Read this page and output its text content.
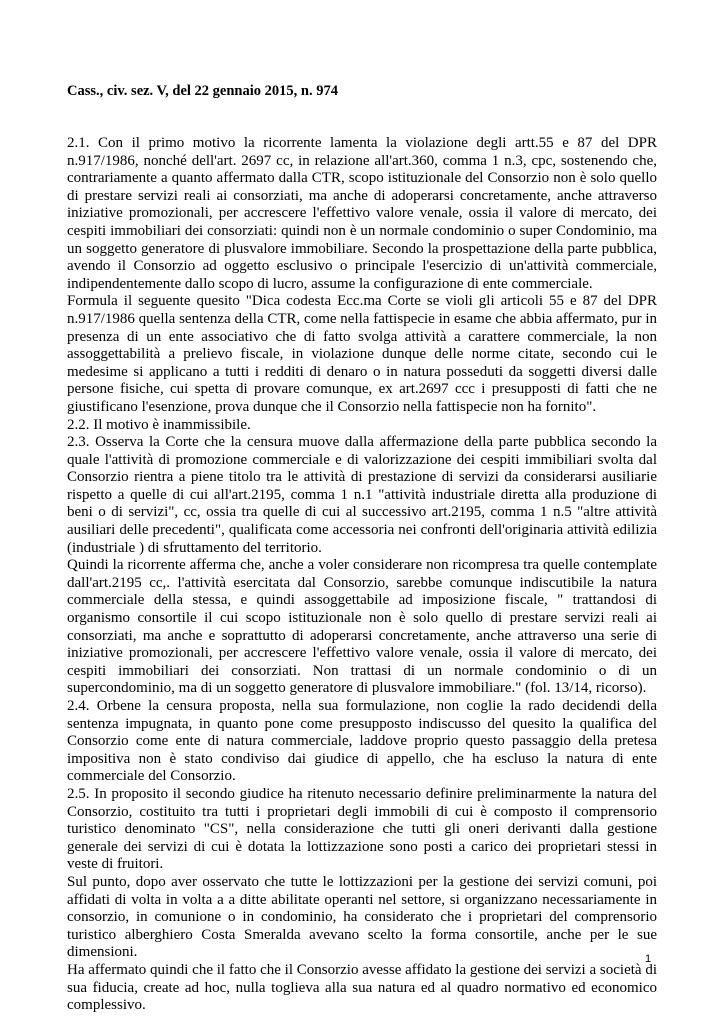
Cass., civ. sez. V, del 22 gennaio 2015, n. 974

2.1. Con il primo motivo la ricorrente lamenta la violazione degli artt.55 e 87 del DPR n.917/1986, nonché dell'art. 2697 cc, in relazione all'art.360, comma 1 n.3, cpc, sostenendo che, contrariamente a quanto affermato dalla CTR, scopo istituzionale del Consorzio non è solo quello di prestare servizi reali ai consorziati, ma anche di adoperarsi concretamente, anche attraverso iniziative promozionali, per accrescere l'effettivo valore venale, ossia il valore di mercato, dei cespiti immobiliari dei consorziati: quindi non è un normale condominio o super Condominio, ma un soggetto generatore di plusvalore immobiliare. Secondo la prospettazione della parte pubblica, avendo il Consorzio ad oggetto esclusivo o principale l'esercizio di un'attività commerciale, indipendentemente dallo scopo di lucro, assume la configurazione di ente commerciale.

Formula il seguente quesito "Dica codesta Ecc.ma Corte se violi gli articoli 55 e 87 del DPR n.917/1986 quella sentenza della CTR, come nella fattispecie in esame che abbia affermato, pur in presenza di un ente associativo che di fatto svolga attività a carattere commerciale, la non assoggettabilità a prelievo fiscale, in violazione dunque delle norme citate, secondo cui le medesime si applicano a tutti i redditi di denaro o in natura posseduti da soggetti diversi dalle persone fisiche, cui spetta di provare comunque, ex art.2697 ccc i presupposti di fatti che ne giustificano l'esenzione, prova dunque che il Consorzio nella fattispecie non ha fornito".

2.2. Il motivo è inammissibile.

2.3. Osserva la Corte che la censura muove dalla affermazione della parte pubblica secondo la quale l'attività di promozione commerciale e di valorizzazione dei cespiti immibiliari svolta dal Consorzio rientra a piene titolo tra le attività di prestazione di servizi da considerarsi ausiliarie rispetto a quelle di cui all'art.2195, comma 1 n.1 "attività industriale diretta alla produzione di beni o di servizi", cc, ossia tra quelle di cui al successivo art.2195, comma 1 n.5 "altre attività ausiliari delle precedenti", qualificata come accessoria nei confronti dell'originaria attività edilizia (industriale ) di sfruttamento del territorio.

Quindi la ricorrente afferma che, anche a voler considerare non ricompresa tra quelle contemplate dall'art.2195 cc,. l'attività esercitata dal Consorzio, sarebbe comunque indiscutibile la natura commerciale della stessa, e quindi assoggettabile ad imposizione fiscale, " trattandosi di organismo consortile il cui scopo istituzionale non è solo quello di prestare servizi reali ai consorziati, ma anche e soprattutto di adoperarsi concretamente, anche attraverso una serie di iniziative promozionali, per accrescere l'effettivo valore venale, ossia il valore di mercato, dei cespiti immobiliari dei consorziati. Non trattasi di un normale condominio o di un supercondominio, ma di un soggetto generatore di plusvalore immobiliare." (fol. 13/14, ricorso).

2.4. Orbene la censura proposta, nella sua formulazione, non coglie la rado decidendi della sentenza impugnata, in quanto pone come presupposto indiscusso del quesito la qualifica del Consorzio come ente di natura commerciale, laddove proprio questo passaggio della pretesa impositiva non è stato condiviso dai giudice di appello, che ha escluso la natura di ente commerciale del Consorzio.

2.5. In proposito il secondo giudice ha ritenuto necessario definire preliminarmente la natura del Consorzio, costituito tra tutti i proprietari degli immobili di cui è composto il comprensorio turistico denominato "CS", nella considerazione che tutti gli oneri derivanti dalla gestione generale dei servizi di cui è dotata la lottizzazione sono posti a carico dei proprietari stessi in veste di fruitori.

Sul punto, dopo aver osservato che tutte le lottizzazioni per la gestione dei servizi comuni, poi affidati di volta in volta a a ditte abilitate operanti nel settore, si organizzano necessariamente in consorzio, in comunione o in condominio, ha considerato che i proprietari del comprensorio turistico alberghiero Costa Smeralda avevano scelto la forma consortile, anche per le sue dimensioni.

Ha affermato quindi che il fatto che il Consorzio avesse affidato la gestione dei servizi a società di sua fiducia, create ad hoc, nulla toglieva alla sua natura ed al quadro normativo ed economico complessivo.

1
